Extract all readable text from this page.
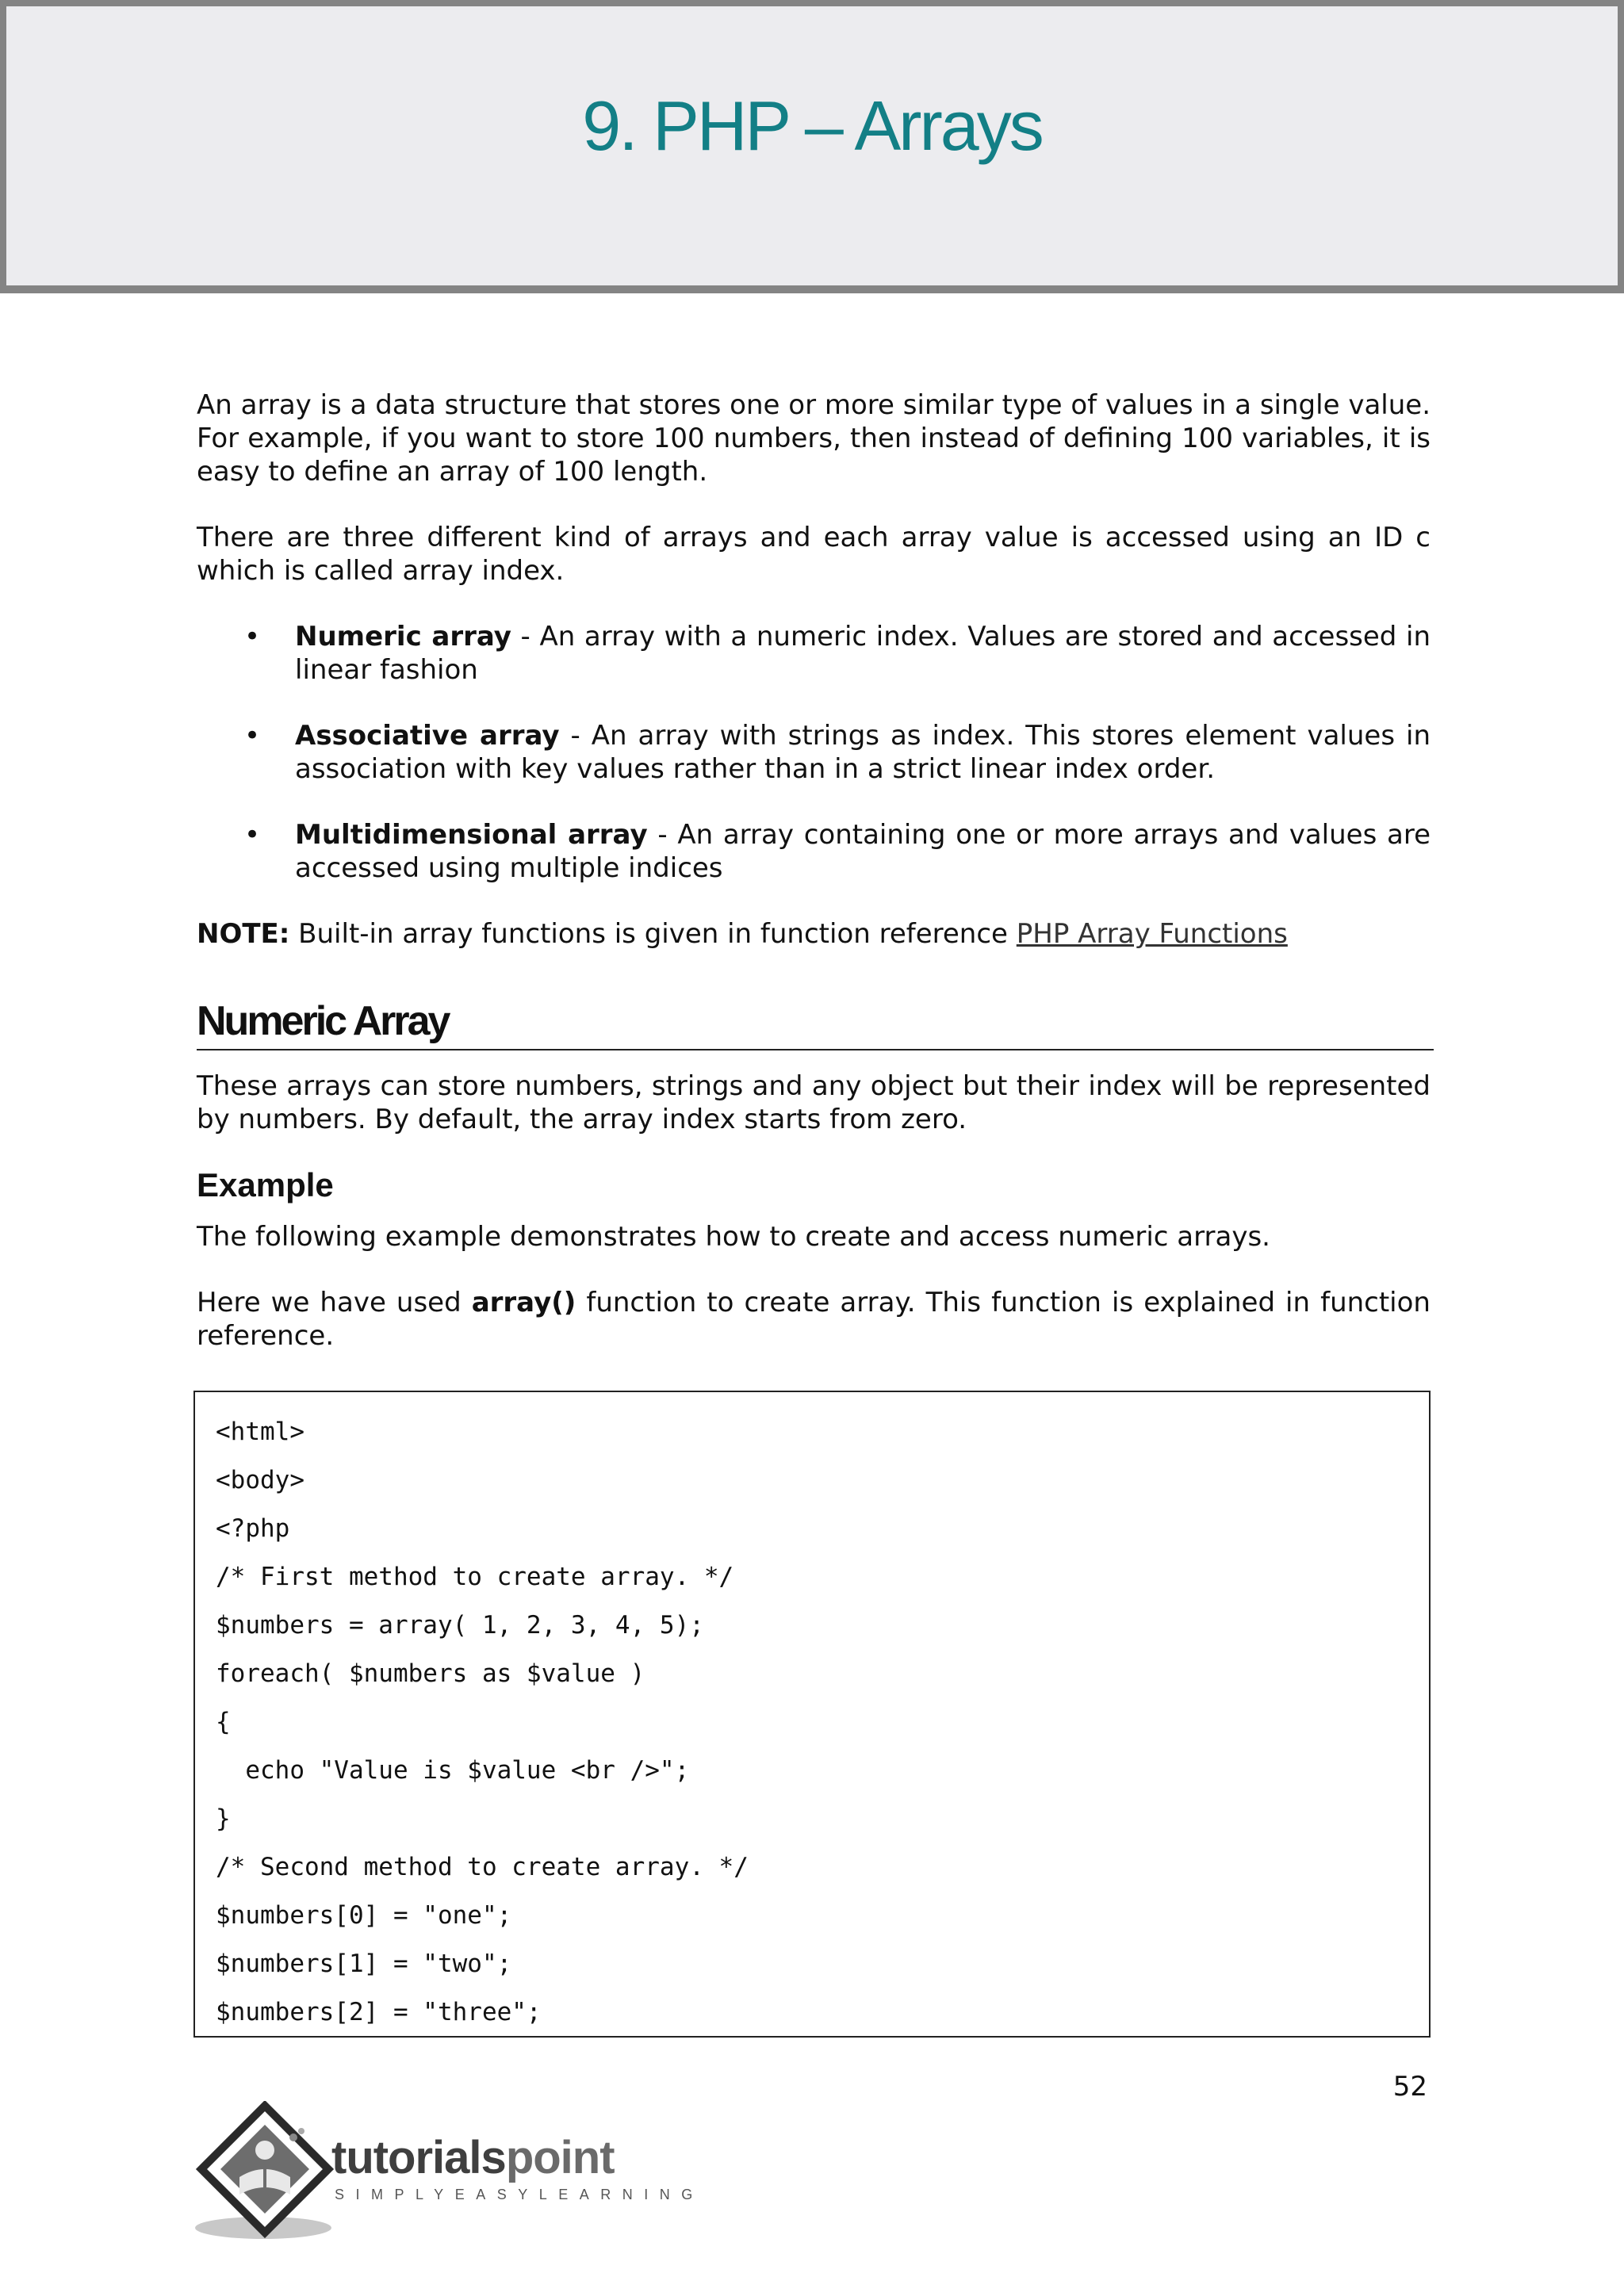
9. PHP – Arrays

An array is a data structure that stores one or more similar type of values in a single value. For example, if you want to store 100 numbers, then instead of defining 100 variables, it is easy to define an array of 100 length.

There are three different kind of arrays and each array value is accessed using an ID c which is called array index.

• Numeric array - An array with a numeric index. Values are stored and accessed in linear fashion
• Associative array - An array with strings as index. This stores element values in association with key values rather than in a strict linear index order.
• Multidimensional array - An array containing one or more arrays and values are accessed using multiple indices

NOTE: Built-in array functions is given in function reference PHP Array Functions

Numeric Array

These arrays can store numbers, strings and any object but their index will be represented by numbers. By default, the array index starts from zero.

Example

The following example demonstrates how to create and access numeric arrays.

Here we have used array() function to create array. This function is explained in function reference.

<html>
<body>
<?php
/* First method to create array. */
$numbers = array( 1, 2, 3, 4, 5);
foreach( $numbers as $value )
{
echo "Value is $value <br />";
}
/* Second method to create array. */
$numbers[0] = "one";
$numbers[1] = "two";
$numbers[2] = "three";

52

tutorialspoint
SIMPLYEASYLEARNING
